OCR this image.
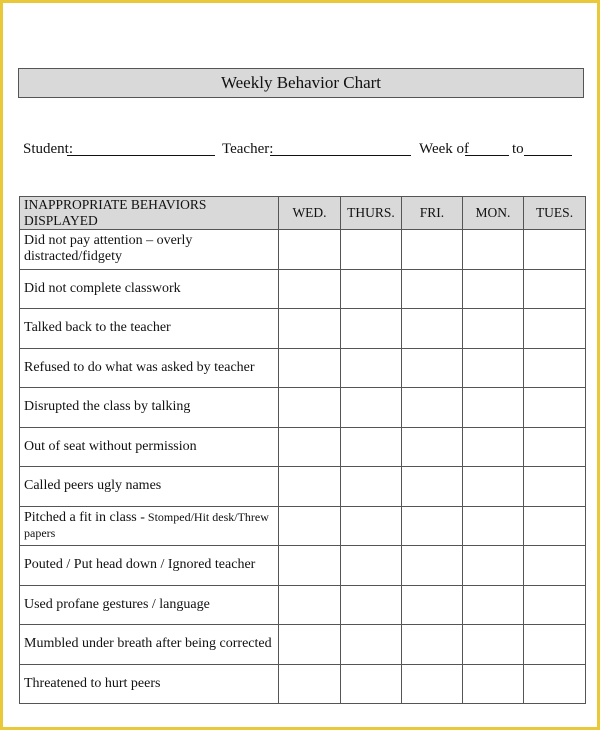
Weekly Behavior Chart
Student:	Teacher:	Week of	to
INAPPROPRIATE BEHAVIORS DISPLAYED	WED.	THURS.	FRI.	MON.	TUES.
Did not pay attention – overly distracted/fidgety					
Did not complete classwork					
Talked back to the teacher					
Refused to do what was asked by teacher					
Disrupted the class by talking					
Out of seat without permission					
Called peers ugly names					
Pitched a fit in class - Stomped/Hit desk/Threw papers					
Pouted / Put head down / Ignored teacher					
Used profane gestures / language					
Mumbled under breath after being corrected					
Threatened to hurt peers					
